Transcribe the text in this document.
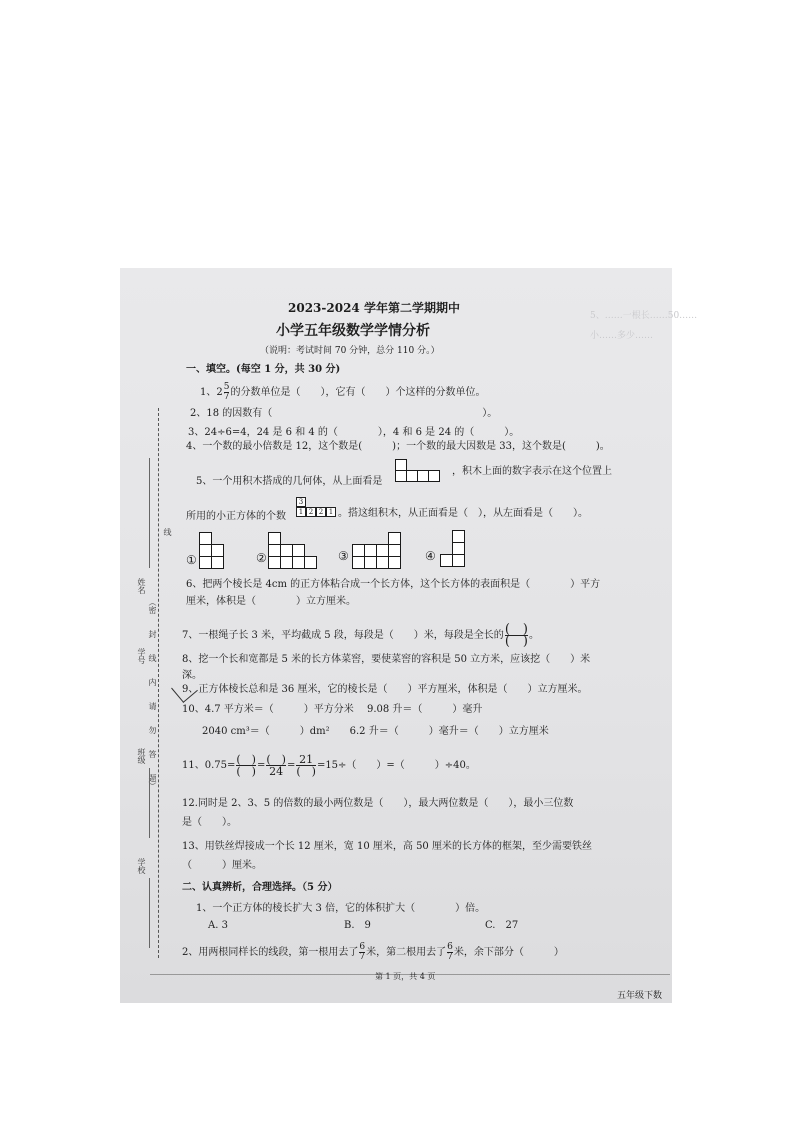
5、……一根长……50……
小……多少……
2023-2024 学年第二学期期中
小学五年级数学学情分析
（说明：考试时间 70 分钟，总分 110 分。）
一、填空。(每空 1 分，共 30 分)
1、$2 \frac{5}{7}$ 的分数单位是（　　），它有（　　）个这样的分数单位。
2、18 的因数有（　　　　　　　　　　　　　　　　　　　　　）。
3、24÷6=4，24 是 6 和 4 的（　　　　），4 和 6 是 24 的（　　　）。
4、一个数的最小倍数是 12，这个数是(　　　)；一个数的最大因数是 33，这个数是(　　　)。
5、一个用积木搭成的几何体，从上面看是
，积木上面的数字表示在这个位置上
所用的小正方体的个数
3
1 2 2 1 。搭这组积木，从正面看是（　），从左面看是（　　）。
①	②	③	④
6、把两个棱长是 4cm 的正方体粘合成一个长方体，这个长方体的表面积是（　　　　）平方
厘米，体积是（　　　　）立方厘米。
7、一根绳子长 3 米，平均截成 5 段，每段是（　　）米，每段是全长的 $\frac{( )}{( )}$ 。
8、挖一个长和宽都是 5 米的长方体菜窖，要使菜窖的容积是 50 立方米，应该挖（　　）米
深。
9、正方体棱长总和是 36 厘米，它的棱长是（　　）平方厘米，体积是（　　）立方厘米。
10、4.7 平方米＝（　　　）平方分米　 9.08 升＝（　　　）毫升
2040 cm³＝（　　　）dm²　　6.2 升＝（　　　）毫升＝（　　）立方厘米
11、$0.75= \frac{( )}{( )} = \frac{( )}{24} = \frac{21}{( )} =15\div$（　　）=（　　　）÷40。
12.同时是 2、3、5 的倍数的最小两位数是（　　），最大两位数是（　　），最小三位数
是（　　）。
13、用铁丝焊接成一个长 12 厘米，宽 10 厘米，高 50 厘米的长方体的框架，至少需要铁丝
（　　　）厘米。
二、认真辨析，合理选择。（5 分）
1、一个正方体的棱长扩大 3 倍，它的体积扩大（　　　　）倍。
A. 3	B.　9	C.　27
2、用两根同样长的线段，第一根用去了 $\frac{6}{7}$ 米，第二根用去了 $\frac{6}{7}$ 米，余下部分（　　　）
姓名
学号
班级
学校
（密　　封　　线　　内　　请　　勿　　答　　题）
线
第 1 页，共 4 页
五年级下数
